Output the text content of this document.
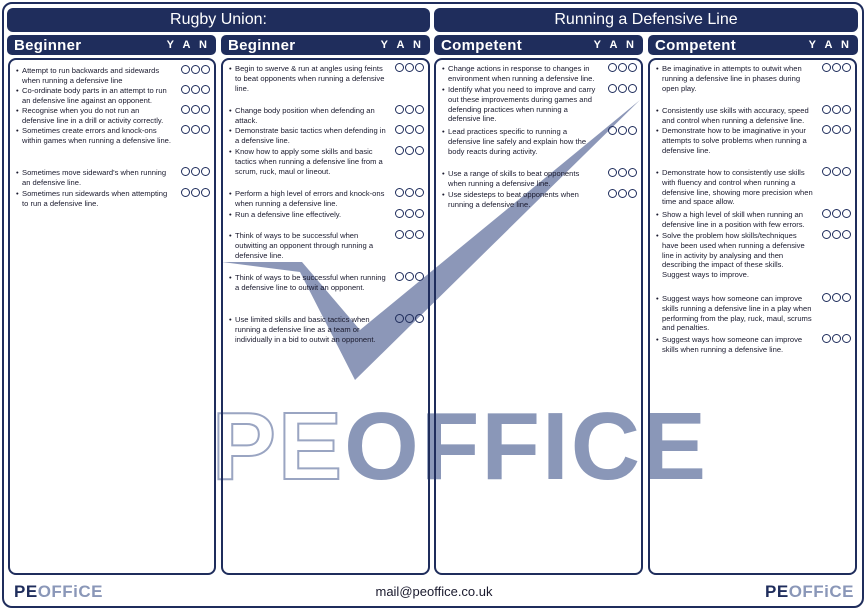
PEOFFICE
Rugby Union:	Running a Defensive Line
Beginner	Y A N Beginner	Y A N Competent	Y A N Competent	Y A N
• Attempt to run backwards and sidewards when running a defensive line
• Co-ordinate body parts in an attempt to run an defensive line against an opponent.
• Recognise when you do not run an defensive line in a drill or activity correctly.
• Sometimes create errors and knock-ons within games when running a defensive line.
• Sometimes move sideward's when running an defensive line.
• Sometimes run sidewards when attempting to run a defensive line.
• Begin to swerve & run at angles using feints to beat opponents when running a defensive line.
• Change body position when defending an attack.
• Demonstrate basic tactics when defending in a defensive line.
• Know how to apply some skills and basic tactics when running a defensive line from a scrum, ruck, maul or lineout.
• Perform a high level of errors and knock-ons when running a defensive line.
• Run a defensive line effectively.
• Think of ways to be successful when outwitting an opponent through running a defensive line.
• Think of ways to be successful when running a defensive line to outwit an opponent.
• Use limited skills and basic tactics when running a defensive line as a team or individually in a bid to outwit an opponent.
• Change actions in response to changes in environment when running a defensive line.
• Identify what you need to improve and carry out these improvements during games and defending practices when running a defensive line.
• Lead practices specific to running a defensive line safely and explain how the body reacts during activity.
• Use a range of skills to beat opponents when running a defensive line.
• Use sidesteps to beat opponents when running a defensive line.
• Be imaginative in attempts to outwit when running a defensive line in phases during open play.
• Consistently use skills with accuracy, speed and control when running a defensive line.
• Demonstrate how to be imaginative in your attempts to solve problems when running a defensive line.
• Demonstrate how to consistently use skills with fluency and control when running a defensive line, showing more precision when time and space allow.
• Show a high level of skill when running an defensive line in a position with few errors.
• Solve the problem how skills/techniques have been used when running a defensive line in activity by analysing and then describing the impact of these skills. Suggest ways to improve.
• Suggest ways how someone can improve skills running a defensive line in a play when performing from the play, ruck, maul, scrums and penalties.
• Suggest ways how someone can improve skills when running a defensive line.
PEOFFiCE	mail@peoffice.co.uk	PEOFFiCE
